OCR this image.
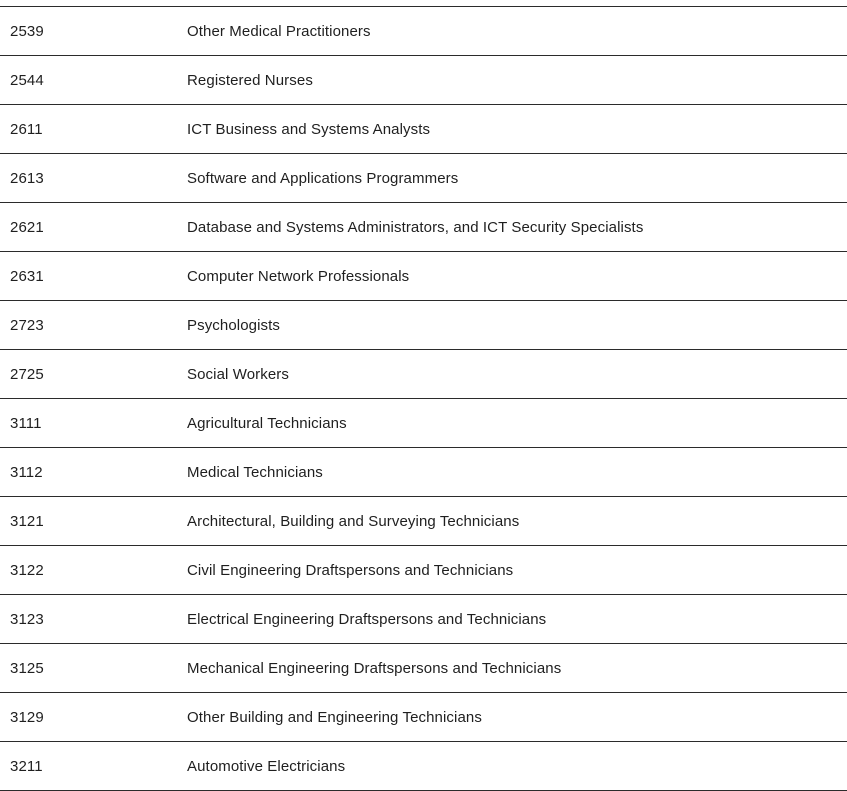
2539	Other Medical Practitioners
2544	Registered Nurses
2611	ICT Business and Systems Analysts
2613	Software and Applications Programmers
2621	Database and Systems Administrators, and ICT Security Specialists
2631	Computer Network Professionals
2723	Psychologists
2725	Social Workers
3111	Agricultural Technicians
3112	Medical Technicians
3121	Architectural, Building and Surveying Technicians
3122	Civil Engineering Draftspersons and Technicians
3123	Electrical Engineering Draftspersons and Technicians
3125	Mechanical Engineering Draftspersons and Technicians
3129	Other Building and Engineering Technicians
3211	Automotive Electricians
